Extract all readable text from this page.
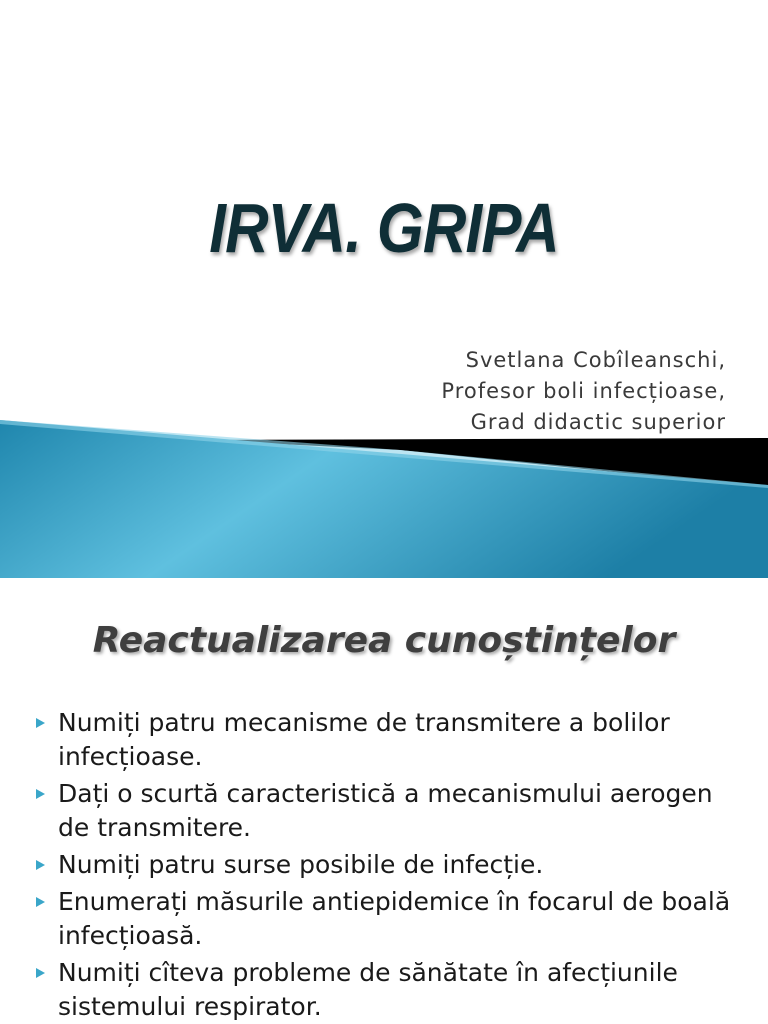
IRVA. GRIPA
Svetlana Cobîleanschi,
Profesor boli infecțioase,
Grad didactic superior
Reactualizarea cunoștințelor
Numiți patru mecanisme de transmitere a bolilor infecțioase.
Dați o scurtă caracteristică a mecanismului aerogen de transmitere.
Numiți patru surse posibile de infecție.
Enumerați măsurile antiepidemice în focarul de boală infecțioasă.
Numiți cîteva probleme de sănătate în afecțiunile sistemului respirator.
